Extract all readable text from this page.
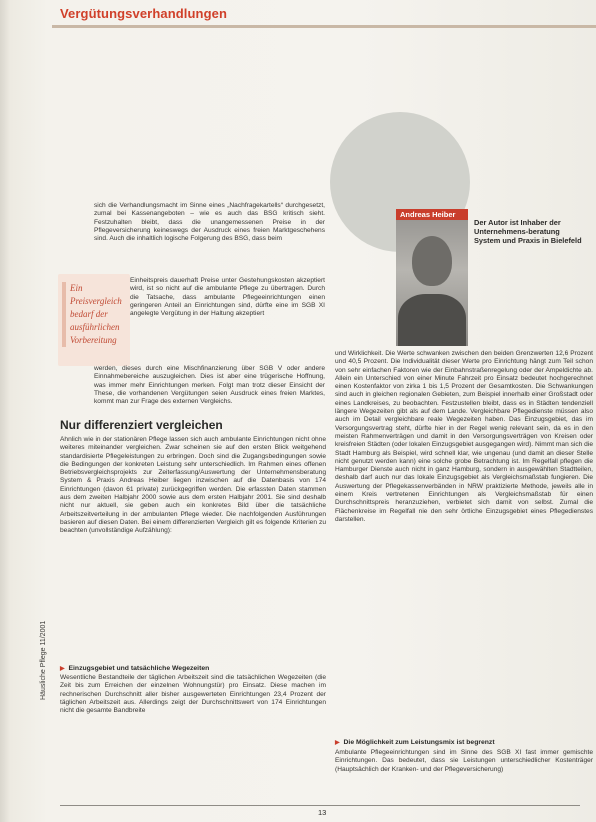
Vergütungsverhandlungen
Andreas Heiber
Der Autor ist Inhaber der Unternehmens-beratung System und Praxis in Bielefeld
Ein Preisvergleich bedarf der ausführlichen Vorbereitung
sich die Verhandlungsmacht im Sinne eines „Nachfragekartells“ durchgesetzt, zumal bei Kassenangeboten – wie es auch das BSG kritisch sieht. Festzuhalten bleibt, dass die unangemessenen Preise in der Pflegeversicherung keineswegs der Ausdruck eines freien Marktgeschehens sind. Auch die inhaltlich logische Folgerung des BSG, dass beim
Einheitspreis dauerhaft Preise unter Gestehungskosten akzeptiert wird, ist so nicht auf die ambulante Pflege zu übertragen. Durch die Tatsache, dass ambulante Pflegeeinrichtungen einen geringeren Anteil an Einrichtungen sind, dürfte eine im SGB XI angelegte Vergütung in der Haltung akzeptiert
werden, dieses durch eine Mischfinanzierung über SGB V oder andere Einnahmebereiche auszugleichen. Dies ist aber eine trügerische Hoffnung, was immer mehr Einrichtungen merken. Folgt man trotz dieser Einsicht der These, die vorhandenen Vergütungen seien Ausdruck eines freien Marktes, kommt man zur Frage des externen Vergleichs.
Nur differenziert vergleichen
Ähnlich wie in der stationären Pflege lassen sich auch ambulante Einrichtungen nicht ohne weiteres miteinander vergleichen. Zwar scheinen sie auf den ersten Blick weitgehend standardisierte Pflegeleistungen zu erbringen. Doch sind die Zugangsbedingungen sowie die Bedingungen der konkreten Leistung sehr unterschiedlich. Im Rahmen eines offenen Betriebsvergleichsprojekts zur Zeiterfassung/Auswertung der Unternehmensberatung System & Praxis Andreas Heiber liegen inzwischen auf die Datenbasis von 174 Einrichtungen (davon 61 private) zurückgegriffen werden. Die erfassten Daten stammen aus dem zweiten Halbjahr 2000 sowie aus dem ersten Halbjahr 2001. Sie sind deshalb nicht nur aktuell, sie geben auch ein konkretes Bild über die tatsächliche Arbeitszeitverteilung in der ambulanten Pflege wieder. Die nachfolgenden Ausführungen basieren auf diesen Daten. Bei einem differenzierten Vergleich gilt es folgende Kriterien zu beachten (unvollständige Aufzählung):
▶ Einzugsgebiet und tatsächliche Wegezeiten
Wesentliche Bestandteile der täglichen Arbeitszeit sind die tatsächlichen Wegezeiten (die Zeit bis zum Erreichen der einzelnen Wohnungstür) pro Einsatz. Diese machen im rechnerischen Durchschnitt aller bisher ausgewerteten Einrichtungen 23,4 Prozent der täglichen Arbeitszeit aus. Allerdings zeigt der Durchschnittswert von 174 Einrichtungen nicht die gesamte Bandbreite
und Wirklichkeit. Die Werte schwanken zwischen den beiden Grenzwerten 12,6 Prozent und 40,5 Prozent. Die Individualität dieser Werte pro Einrichtung hängt zum Teil schon von sehr einfachen Faktoren wie der Einbahnstraßenregelung oder der Ampeldichte ab. Allein ein Unterschied von einer Minute Fahrzeit pro Einsatz bedeutet hochgerechnet einen Kostenfaktor von zirka 1 bis 1,5 Prozent der Gesamtkosten. Die Schwankungen sind auch in gleichen regionalen Gebieten, zum Beispiel innerhalb einer Großstadt oder eines Landkreises, zu beobachten. Festzustellen bleibt, dass es in Städten tendenziell längere Wegezeiten gibt als auf dem Lande. Vergleichbare Pflegedienste müssen also auch im Detail vergleichbare reale Wegezeiten haben. Das Einzugsgebiet, das im Versorgungsvertrag steht, dürfte hier in der Regel wenig relevant sein, da es in den meisten Rahmenverträgen und damit in den Versorgungsverträgen von Kreisen oder kreisfreien Städten (oder lokalen Einzugsgebiet ausgegangen wird). Nimmt man sich die Stadt Hamburg als Beispiel, wird schnell klar, wie ungenau (und damit an dieser Stelle nicht genutzt werden kann) eine solche grobe Betrachtung ist. Im Regelfall pflegen die Hamburger Dienste auch nicht in ganz Hamburg, sondern in ausgewählten Stadtteilen, deshalb darf auch nur das lokale Einzugsgebiet als Vergleichsmaßstab fungieren. Die Auswertung der Pflegekassenverbänden in NRW praktizierte Methode, jeweils alle in einem Kreis vertretenen Einrichtungen als Vergleichsmaßstab für einen Durchschnittspreis heranzuziehen, verbietet sich damit von selbst. Zumal die Flächenkreise im Regelfall nie den sehr örtliche Einzugsgebiet eines Pflegedienstes darstellen.
▶ Die Möglichkeit zum Leistungsmix ist begrenzt
Ambulante Pflegeeinrichtungen sind im Sinne des SGB XI fast immer gemischte Einrichtungen. Das bedeutet, dass sie Leistungen unterschiedlicher Kostenträger (Hauptsächlich der Kranken- und der Pflegeversicherung)
Häusliche Pflege 11/2001
13
